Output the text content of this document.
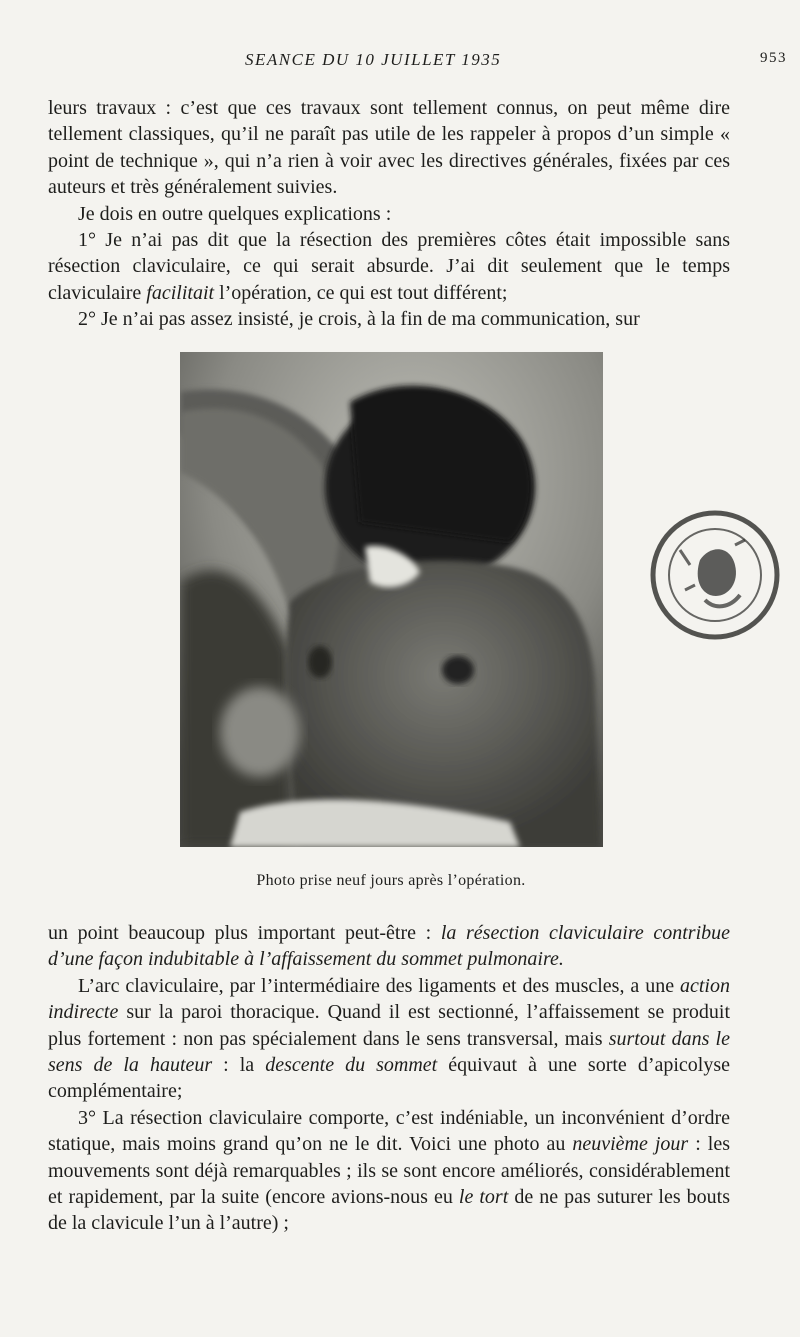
SEANCE DU 10 JUILLET 1935	953

leurs travaux : c’est que ces travaux sont tellement connus, on peut même dire tellement classiques, qu’il ne paraît pas utile de les rappeler à propos d’un simple « point de technique », qui n’a rien à voir avec les directives générales, fixées par ces auteurs et très généralement suivies.

Je dois en outre quelques explications :

1° Je n’ai pas dit que la résection des premières côtes était impossible sans résection claviculaire, ce qui serait absurde. J’ai dit seulement que le temps claviculaire facilitait l’opération, ce qui est tout différent;

2° Je n’ai pas assez insisté, je crois, à la fin de ma communication, sur

Photo prise neuf jours après l’opération.

un point beaucoup plus important peut-être : la résection claviculaire contribue d’une façon indubitable à l’affaissement du sommet pulmonaire.

L’arc claviculaire, par l’intermédiaire des ligaments et des muscles, a une action indirecte sur la paroi thoracique. Quand il est sectionné, l’affaissement se produit plus fortement : non pas spécialement dans le sens transversal, mais surtout dans le sens de la hauteur : la descente du sommet équivaut à une sorte d’apicolyse complémentaire;

3° La résection claviculaire comporte, c’est indéniable, un inconvénient d’ordre statique, mais moins grand qu’on ne le dit. Voici une photo au neuvième jour : les mouvements sont déjà remarquables ; ils se sont encore améliorés, considérablement et rapidement, par la suite (encore avions-nous eu le tort de ne pas suturer les bouts de la clavicule l’un à l’autre) ;
